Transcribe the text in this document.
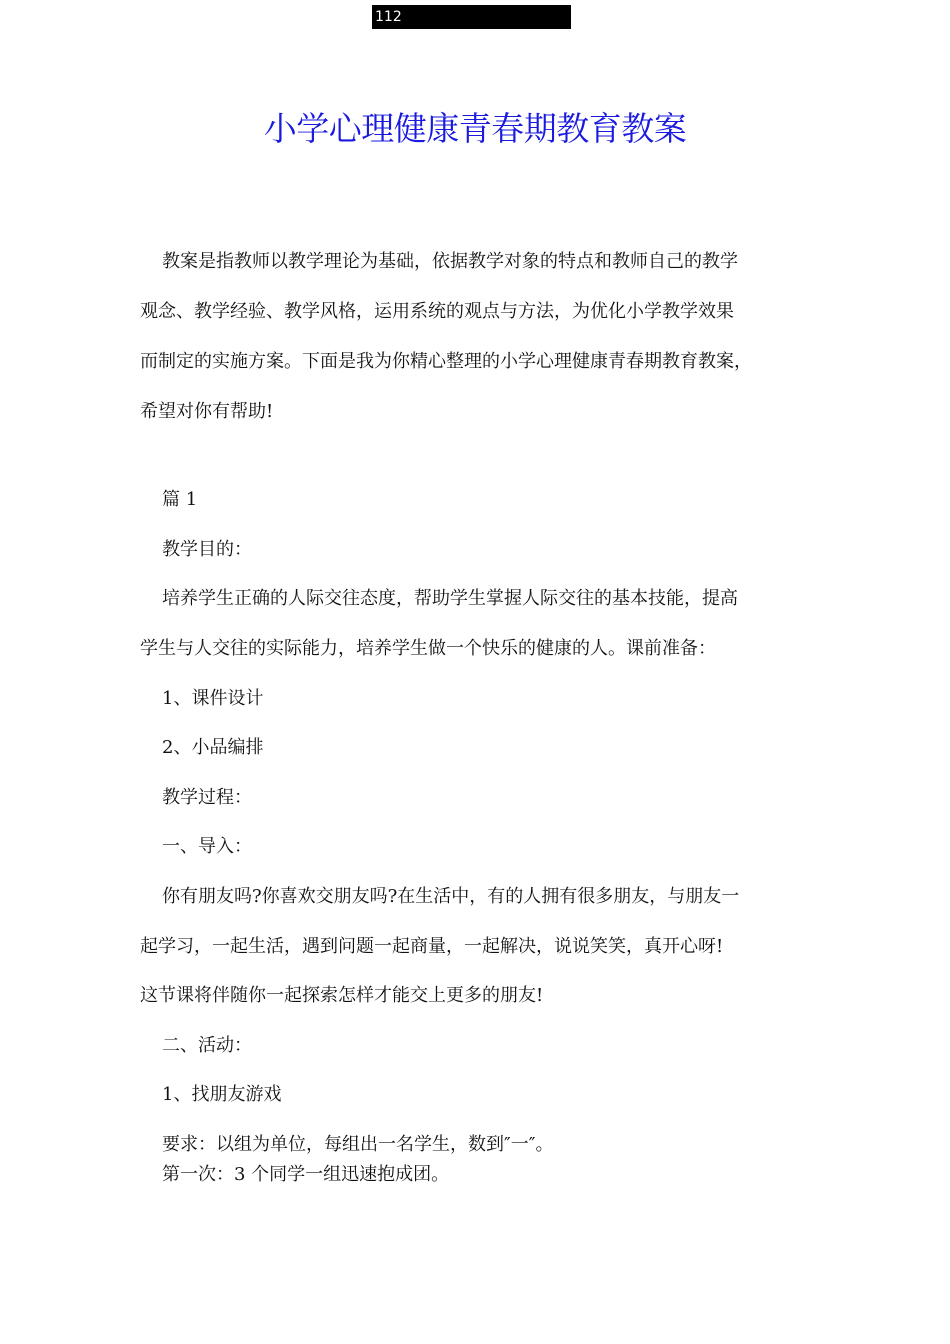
112
小学心理健康青春期教育教案
教案是指教师以教学理论为基础，依据教学对象的特点和教师自己的教学
观念、教学经验、教学风格，运用系统的观点与方法，为优化小学教学效果
而制定的实施方案。下面是我为你精心整理的小学心理健康青春期教育教案，
希望对你有帮助!
篇 1
教学目的：
培养学生正确的人际交往态度，帮助学生掌握人际交往的基本技能，提高
学生与人交往的实际能力，培养学生做一个快乐的健康的人。课前准备：
1、课件设计
2、小品编排
教学过程：
一、导入：
你有朋友吗?你喜欢交朋友吗?在生活中，有的人拥有很多朋友，与朋友一
起学习，一起生活，遇到问题一起商量，一起解决，说说笑笑，真开心呀!
这节课将伴随你一起探索怎样才能交上更多的朋友!
二、活动：
1、找朋友游戏
要求：以组为单位，每组出一名学生，数到″一″。
第一次：3 个同学一组迅速抱成团。
